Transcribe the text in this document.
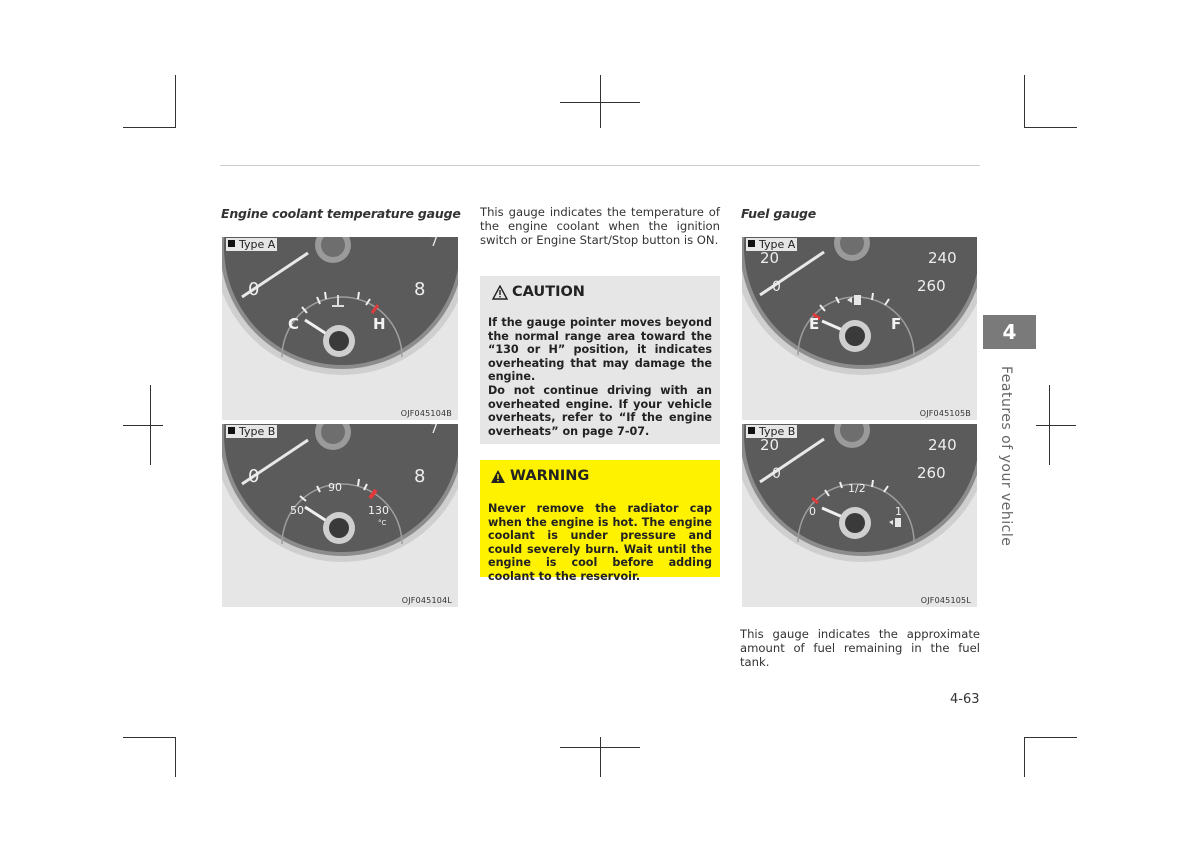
Engine coolant temperature gauge
Type A	7
0	8
C	H
OJF045104B
Type B	7
0	8
90
50	130
°C
OJF045104L

This gauge indicates the temperature of the engine coolant when the ignition switch or Engine Start/Stop button is ON.

CAUTION

If the gauge pointer moves beyond the normal range area toward the “130 or H” position, it indicates overheating that may damage the engine.

Do not continue driving with an overheated engine. If your vehicle overheats, refer to “If the engine overheats” on page 7-07.

WARNING

Never remove the radiator cap when the engine is hot. The engine coolant is under pressure and could severely burn. Wait until the engine is cool before adding coolant to the reservoir.

Fuel gauge
Type A
20
0
240
260
E	F
OJF045105B
Type B
20
0
240
260
1/2
0	1
OJF045105L

This gauge indicates the approximate amount of fuel remaining in the fuel tank.

4
Features of your vehicle
4-63
